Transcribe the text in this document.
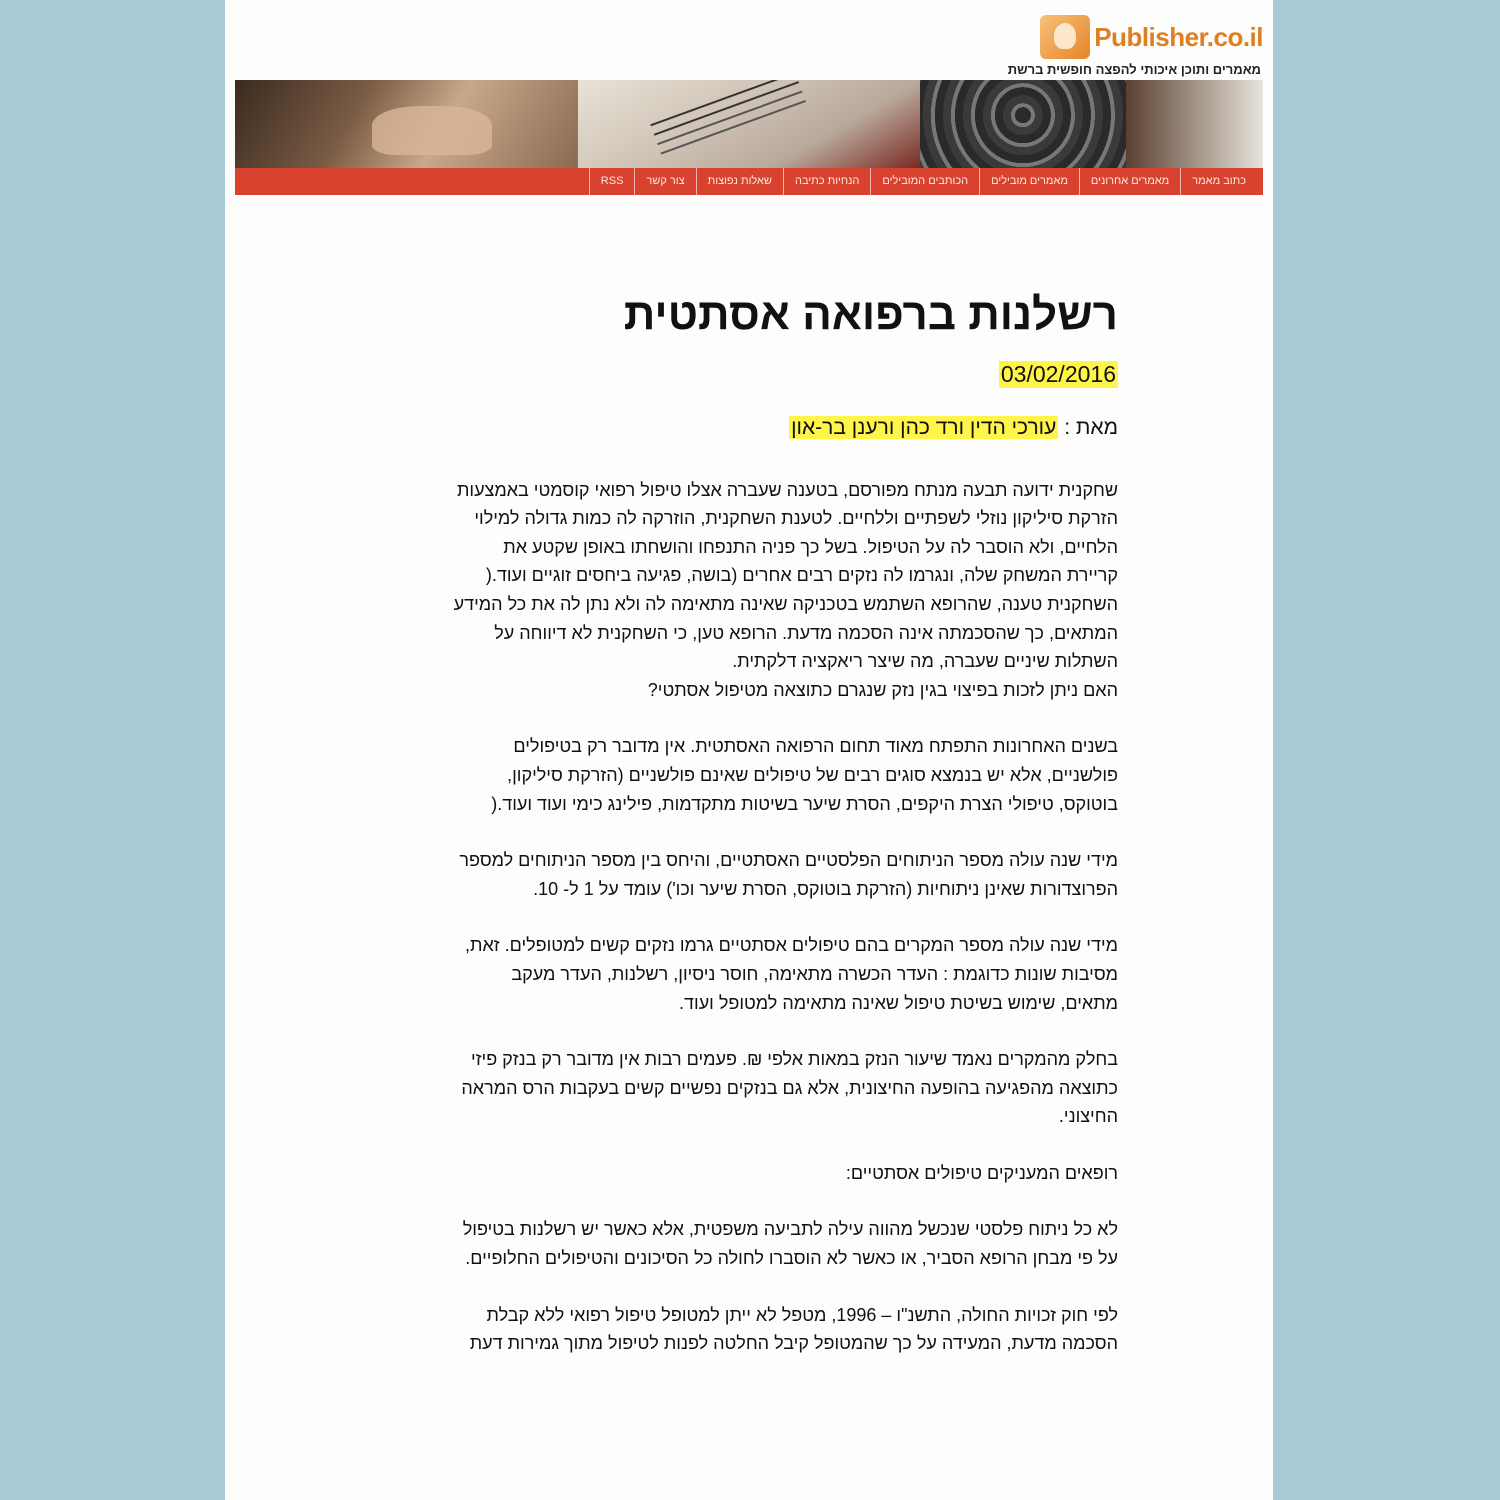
Publisher.co.il
מאמרים ותוכן איכותי להפצה חופשית ברשת
כתוב מאמר
מאמרים אחרונים
מאמרים מובילים
הכותבים המובילים
הנחיות כתיבה
שאלות נפוצות
צור קשר
RSS
רשלנות ברפואה אסתטית
03/02/2016
מאת : עורכי הדין ורד כהן ורענן בר-און

שחקנית ידועה תבעה מנתח מפורסם, בטענה שעברה אצלו טיפול רפואי קוסמטי באמצעות
הזרקת סיליקון נוזלי לשפתיים וללחיים. לטענת השחקנית, הוזרקה לה כמות גדולה למילוי
הלחיים, ולא הוסבר לה על הטיפול. בשל כך פניה התנפחו והושחתו באופן שקטע את
קריירת המשחק שלה, ונגרמו לה נזקים רבים אחרים (בושה, פגיעה ביחסים זוגיים ועוד.(
השחקנית טענה, שהרופא השתמש בטכניקה שאינה מתאימה לה ולא נתן לה את כל המידע
המתאים, כך שהסכמתה אינה הסכמה מדעת. הרופא טען, כי השחקנית לא דיווחה על
השתלות שיניים שעברה, מה שיצר ריאקציה דלקתית.
האם ניתן לזכות בפיצוי בגין נזק שנגרם כתוצאה מטיפול אסתטי?

בשנים האחרונות התפתח מאוד תחום הרפואה האסתטית. אין מדובר רק בטיפולים
פולשניים, אלא יש בנמצא סוגים רבים של טיפולים שאינם פולשניים (הזרקת סיליקון,
בוטוקס, טיפולי הצרת היקפים, הסרת שיער בשיטות מתקדמות, פילינג כימי ועוד ועוד.(

מידי שנה עולה מספר הניתוחים הפלסטיים האסתטיים, והיחס בין מספר הניתוחים למספר
הפרוצדורות שאינן ניתוחיות (הזרקת בוטוקס, הסרת שיער וכו') עומד על 1 ל- 10.

מידי שנה עולה מספר המקרים בהם טיפולים אסתטיים גרמו נזקים קשים למטופלים. זאת,
מסיבות שונות כדוגמת : העדר הכשרה מתאימה, חוסר ניסיון, רשלנות, העדר מעקב
מתאים, שימוש בשיטת טיפול שאינה מתאימה למטופל ועוד.

בחלק מהמקרים נאמד שיעור הנזק במאות אלפי ₪. פעמים רבות אין מדובר רק בנזק פיזי
כתוצאה מהפגיעה בהופעה החיצונית, אלא גם בנזקים נפשיים קשים בעקבות הרס המראה
החיצוני.

רופאים המעניקים טיפולים אסתטיים:

לא כל ניתוח פלסטי שנכשל מהווה עילה לתביעה משפטית, אלא כאשר יש רשלנות בטיפול
על פי מבחן הרופא הסביר, או כאשר לא הוסברו לחולה כל הסיכונים והטיפולים החלופיים.

לפי חוק זכויות החולה, התשנ"ו – 1996, מטפל לא ייתן למטופל טיפול רפואי ללא קבלת
הסכמה מדעת, המעידה על כך שהמטופל קיבל החלטה לפנות לטיפול מתוך גמירות דעת
